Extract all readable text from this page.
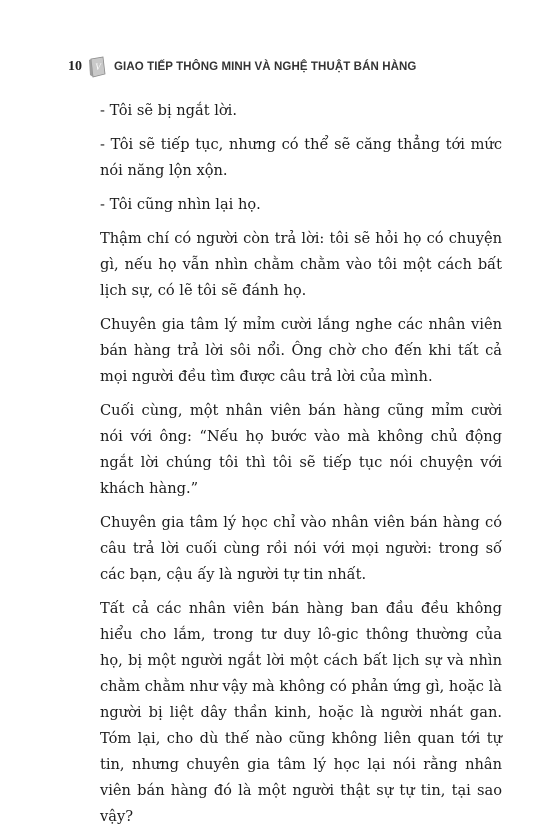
10 V GIAO TIẾP THÔNG MINH VÀ NGHỆ THUẬT BÁN HÀNG

- Tôi sẽ bị ngắt lời.

- Tôi sẽ tiếp tục, nhưng có thể sẽ căng thẳng tới mức nói năng lộn xộn.

- Tôi cũng nhìn lại họ.

Thậm chí có người còn trả lời: tôi sẽ hỏi họ có chuyện gì, nếu họ vẫn nhìn chằm chằm vào tôi một cách bất lịch sự, có lẽ tôi sẽ đánh họ.

Chuyên gia tâm lý mỉm cười lắng nghe các nhân viên bán hàng trả lời sôi nổi. Ông chờ cho đến khi tất cả mọi người đều tìm được câu trả lời của mình.

Cuối cùng, một nhân viên bán hàng cũng mỉm cười nói với ông: “Nếu họ bước vào mà không chủ động ngắt lời chúng tôi thì tôi sẽ tiếp tục nói chuyện với khách hàng.”

Chuyên gia tâm lý học chỉ vào nhân viên bán hàng có câu trả lời cuối cùng rồi nói với mọi người: trong số các bạn, cậu ấy là người tự tin nhất.

Tất cả các nhân viên bán hàng ban đầu đều không hiểu cho lắm, trong tư duy lô-gic thông thường của họ, bị một người ngắt lời một cách bất lịch sự và nhìn chằm chằm như vậy mà không có phản ứng gì, hoặc là người bị liệt dây thần kinh, hoặc là người nhát gan. Tóm lại, cho dù thế nào cũng không liên quan tới tự tin, nhưng chuyên gia tâm lý học lại nói rằng nhân viên bán hàng đó là một người thật sự tự tin, tại sao vậy?
